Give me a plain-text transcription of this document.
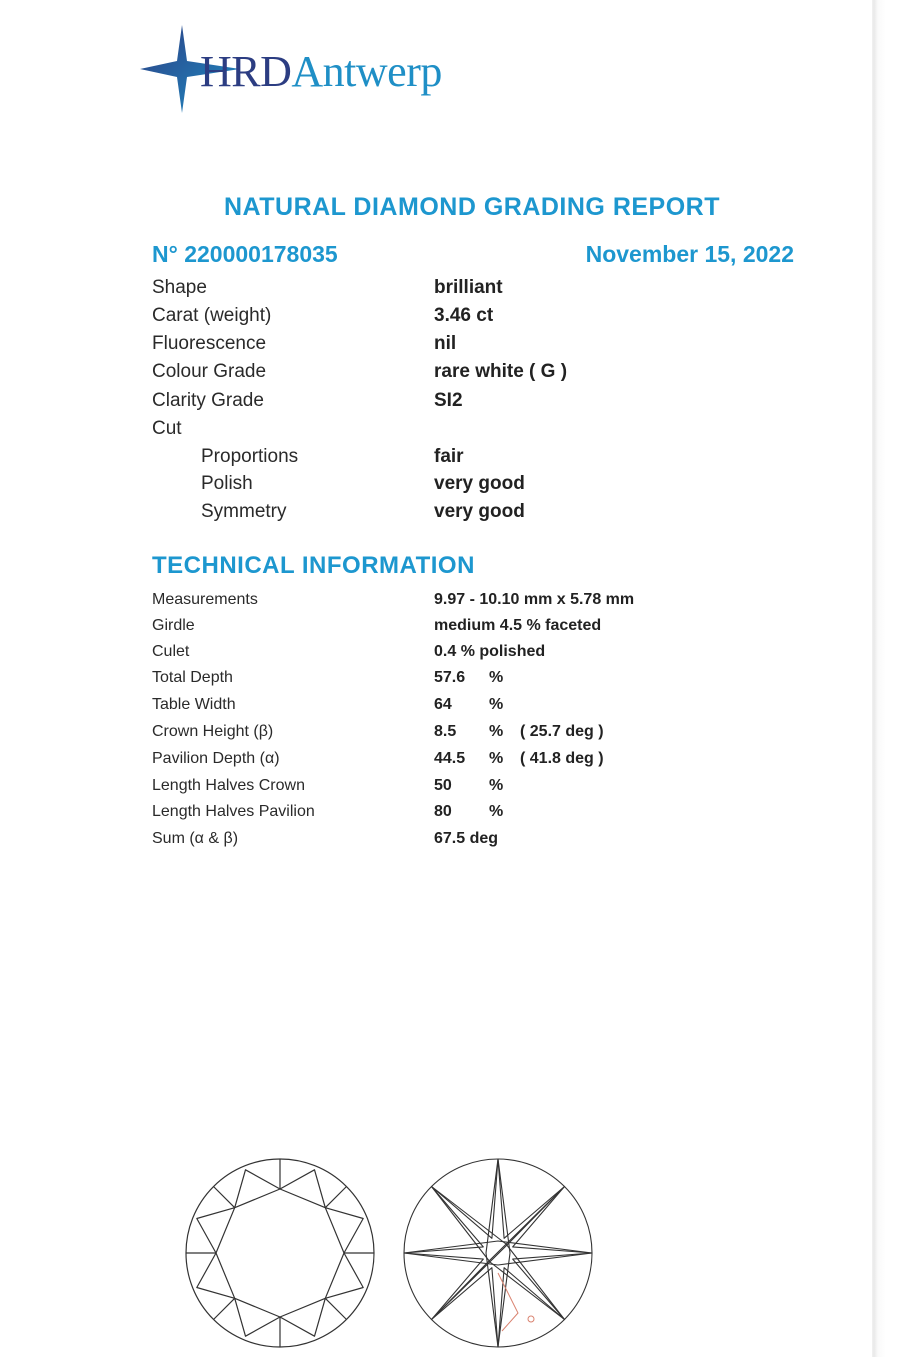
HRDAntwerp
NATURAL DIAMOND GRADING REPORT
N° 220000178035	November 15, 2022
Shape	brilliant
Carat (weight)	3.46 ct
Fluorescence	nil
Colour Grade	rare white ( G )
Clarity Grade	SI2
Cut
Proportions	fair
Polish	very good
Symmetry	very good
TECHNICAL INFORMATION
Measurements	9.97 - 10.10 mm x 5.78 mm
Girdle	medium 4.5 % faceted
Culet	0.4 % polished
Total Depth	57.6 %
Table Width	64 %
Crown Height (β)	8.5 % ( 25.7 deg )
Pavilion Depth (α)	44.5 % ( 41.8 deg )
Length Halves Crown	50 %
Length Halves Pavilion	80 %
Sum (α & β)	67.5 deg
